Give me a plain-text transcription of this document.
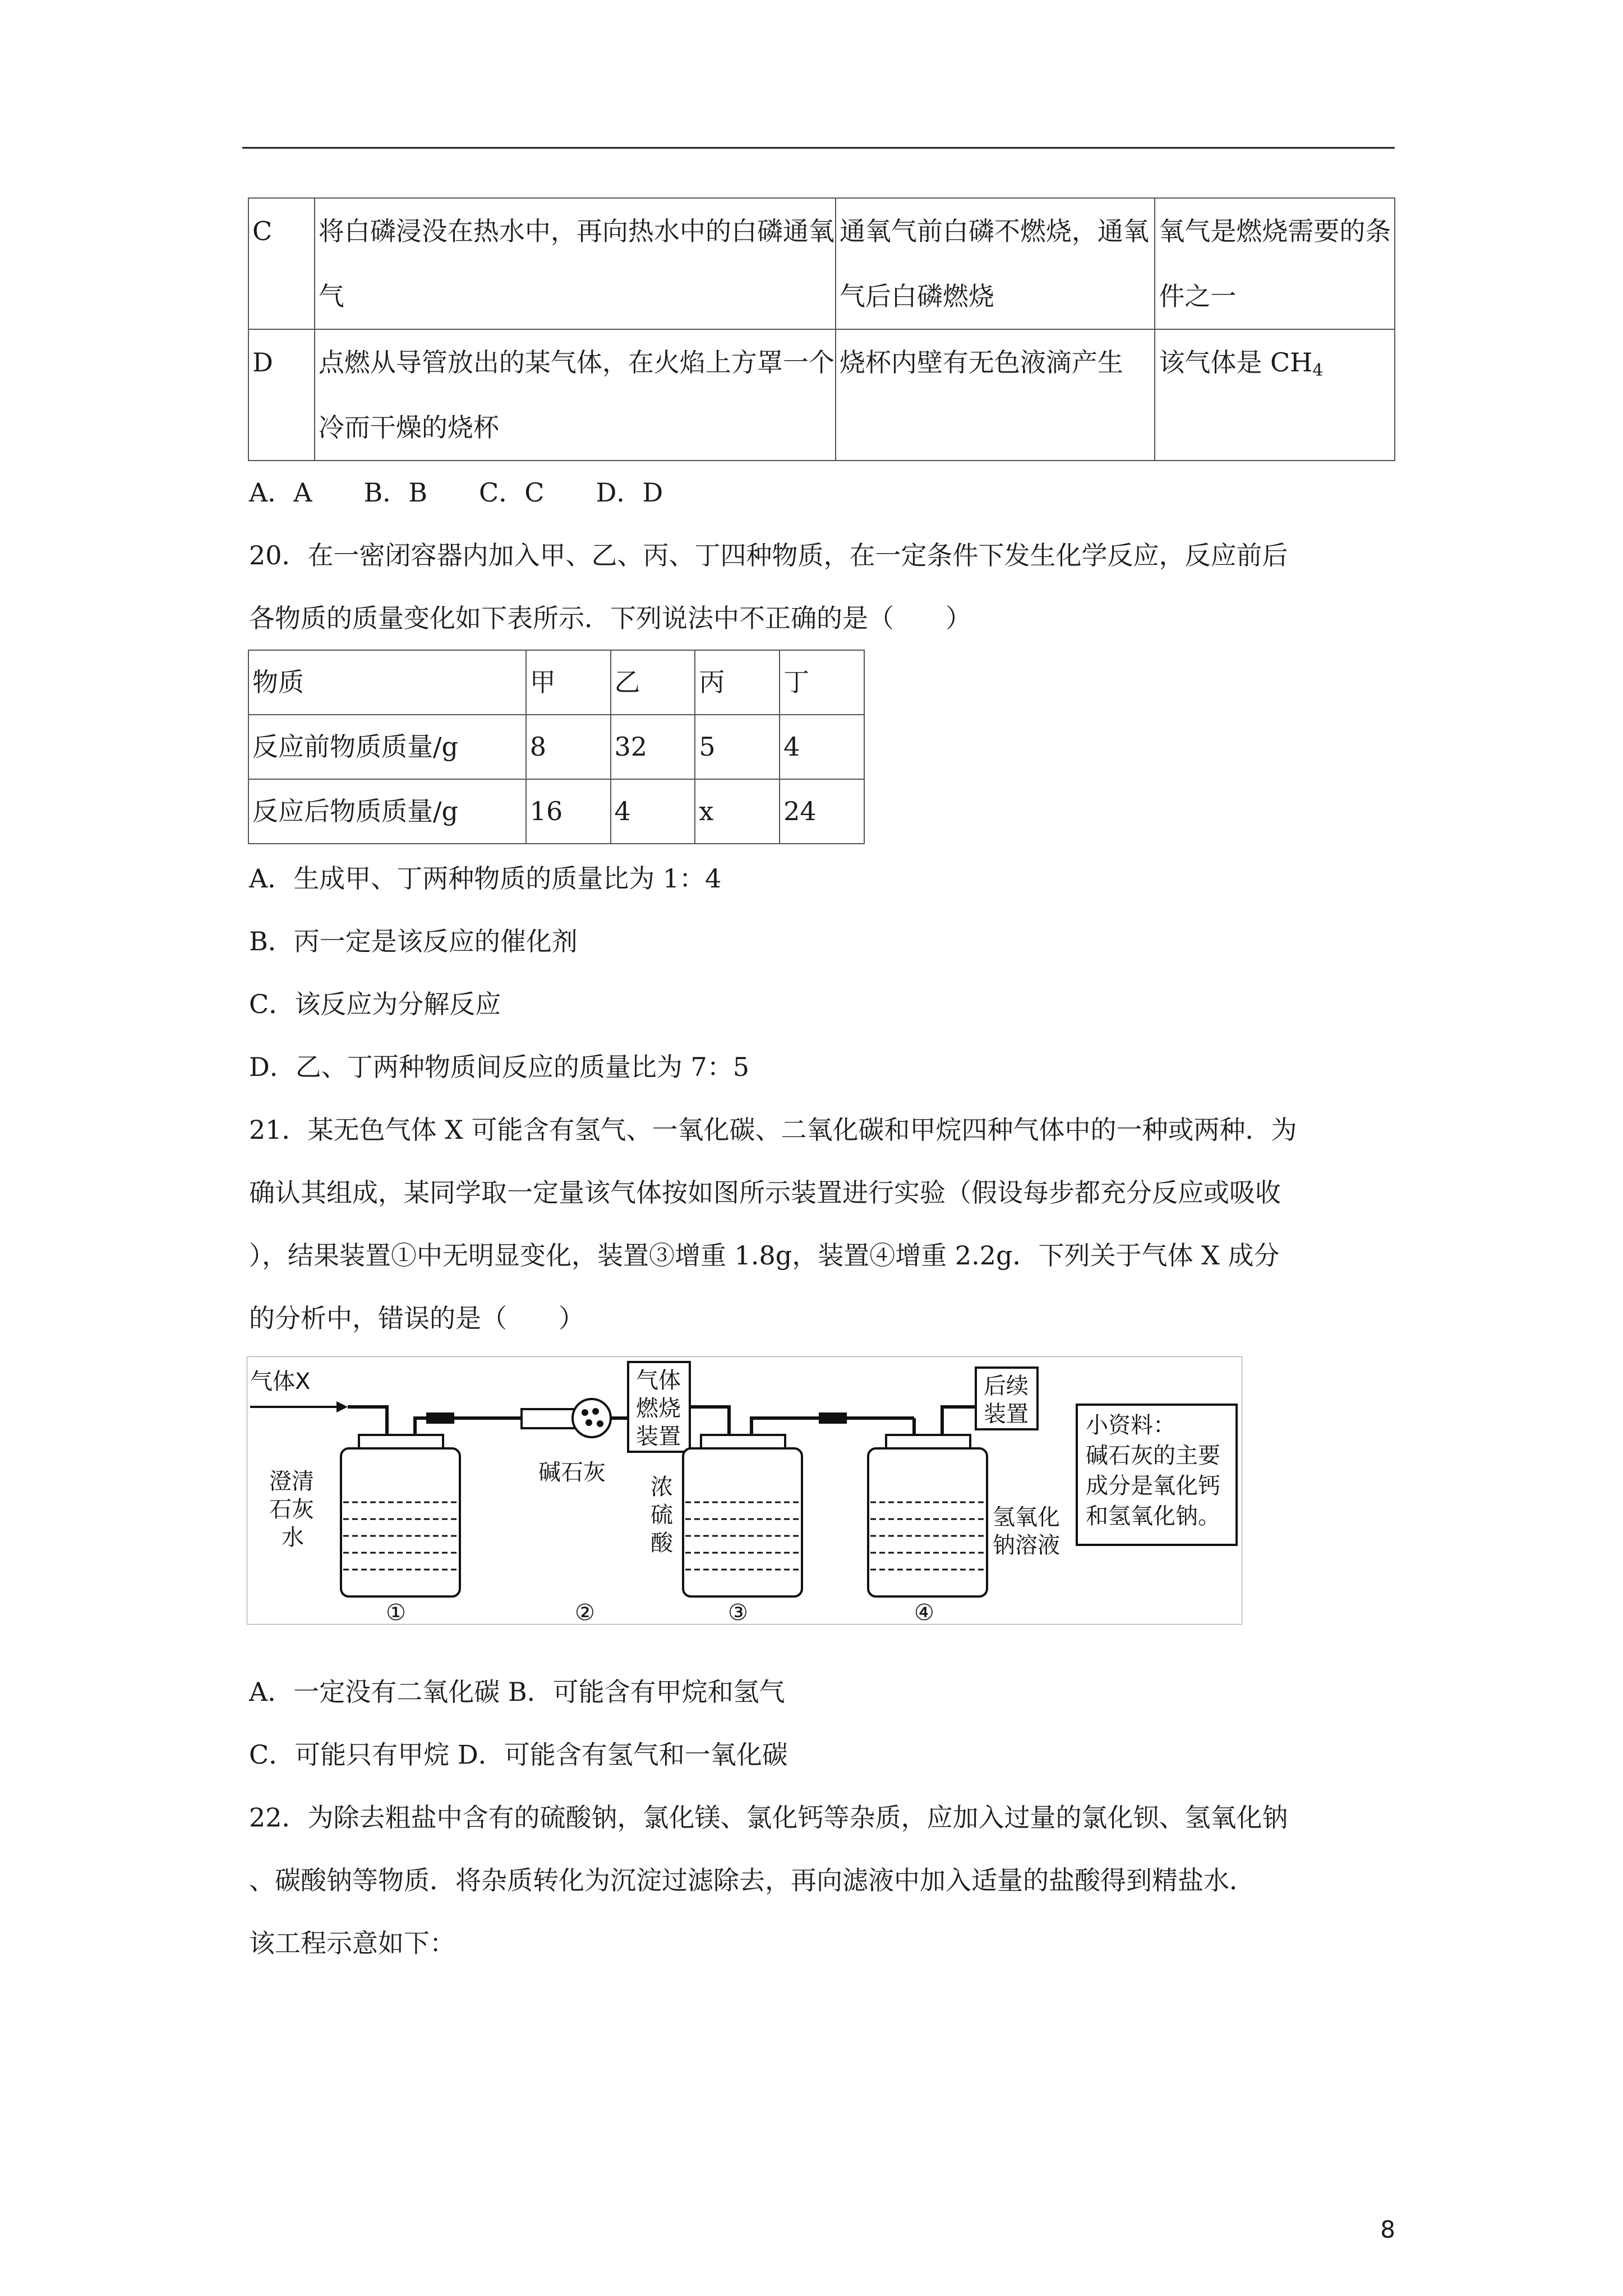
C	将白磷浸没在热水中，再向热水中的白磷通氧气	通氧气前白磷不燃烧，通氧气后白磷燃烧	氧气是燃烧需要的条件之一
D	点燃从导管放出的某气体，在火焰上方罩一个冷而干燥的烧杯	烧杯内壁有无色液滴产生	该气体是 $CH_4$
A．A　　B．B　　C．C　　D．D
20．在一密闭容器内加入甲、乙、丙、丁四种物质，在一定条件下发生化学反应，反应前后
各物质的质量变化如下表所示．下列说法中不正确的是（　　）
物质	甲	乙	丙	丁
反应前物质质量/g	8	32	5	4
反应后物质质量/g	16	4	x	24
A．生成甲、丁两种物质的质量比为 1：4
B．丙一定是该反应的催化剂
C．该反应为分解反应
D．乙、丁两种物质间反应的质量比为 7：5
21．某无色气体 X 可能含有氢气、一氧化碳、二氧化碳和甲烷四种气体中的一种或两种．为
确认其组成，某同学取一定量该气体按如图所示装置进行实验（假设每步都充分反应或吸收
），结果装置①中无明显变化，装置③增重 1.8g，装置④增重 2.2g．下列关于气体 X 成分
的分析中，错误的是（　　）
气体X
澄清
石灰
水
碱石灰
气体
燃烧
装置
浓
硫
酸
氢氧化
钠溶液
后续
装置	小资料：
碱石灰的主要
成分是氧化钙
和氢氧化钠。
①	②	③	④
A．一定没有二氧化碳 B．可能含有甲烷和氢气
C．可能只有甲烷 D．可能含有氢气和一氧化碳
22．为除去粗盐中含有的硫酸钠，氯化镁、氯化钙等杂质，应加入过量的氯化钡、氢氧化钠
、碳酸钠等物质．将杂质转化为沉淀过滤除去，再向滤液中加入适量的盐酸得到精盐水．
该工程示意如下：
8
